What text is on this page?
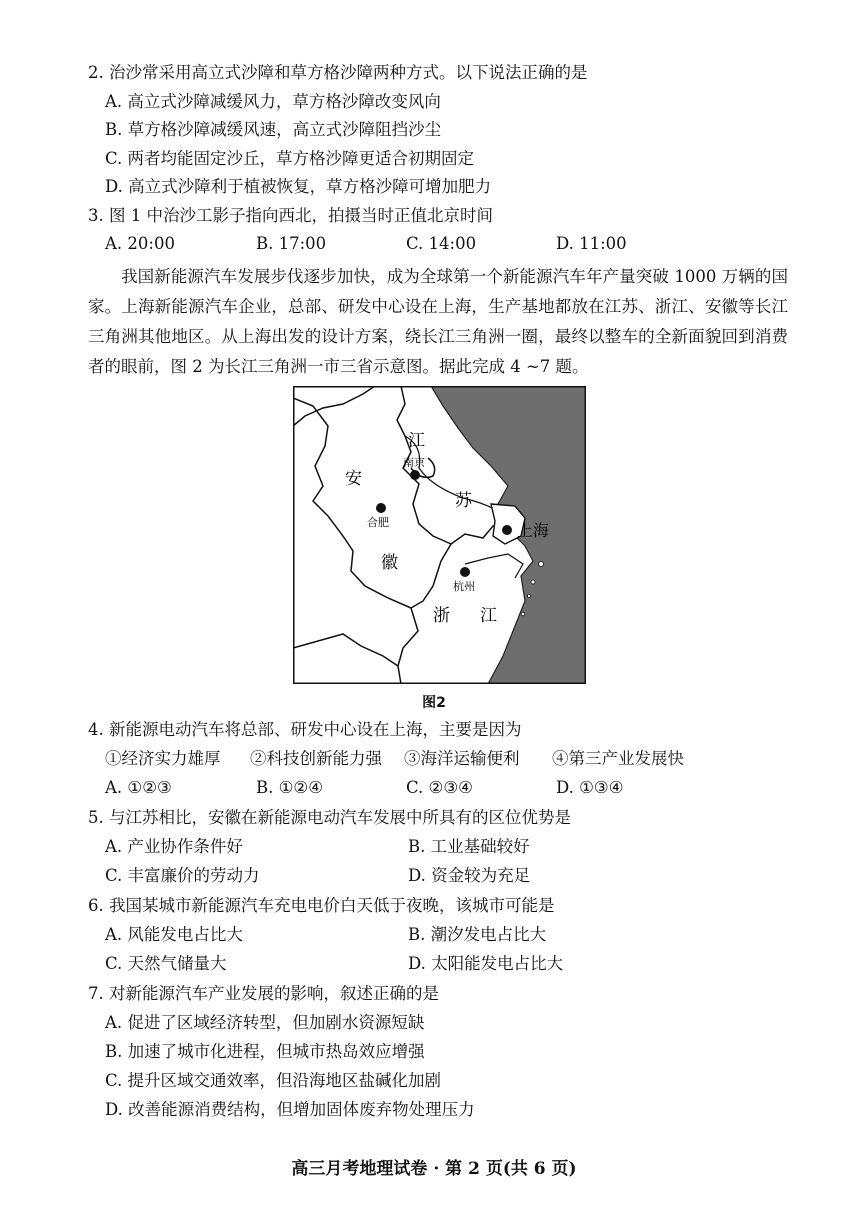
2. 治沙常采用高立式沙障和草方格沙障两种方式。以下说法正确的是
A. 高立式沙障减缓风力，草方格沙障改变风向
B. 草方格沙障减缓风速，高立式沙障阻挡沙尘
C. 两者均能固定沙丘，草方格沙障更适合初期固定
D. 高立式沙障利于植被恢复，草方格沙障可增加肥力
3. 图 1 中治沙工影子指向西北，拍摄当时正值北京时间
A. 20:00	B. 17:00	C. 14:00	D. 11:00
我国新能源汽车发展步伐逐步加快，成为全球第一个新能源汽车年产量突破 1000 万辆的国家。上海新能源汽车企业，总部、研发中心设在上海，生产基地都放在江苏、浙江、安徽等长江三角洲其他地区。从上海出发的设计方案，绕长江三角洲一圈，最终以整车的全新面貌回到消费者的眼前，图 2 为长江三角洲一市三省示意图。据此完成 4 ~7 题。
江
南京
安
苏
合肥	上海
徽
杭州
浙 江
图2
4. 新能源电动汽车将总部、研发中心设在上海，主要是因为
①经济实力雄厚 ②科技创新能力强 ③海洋运输便利 ④第三产业发展快
A. ①②③	B. ①②④	C. ②③④	D. ①③④
5. 与江苏相比，安徽在新能源电动汽车发展中所具有的区位优势是
A. 产业协作条件好	B. 工业基础较好
C. 丰富廉价的劳动力	D. 资金较为充足
6. 我国某城市新能源汽车充电电价白天低于夜晚，该城市可能是
A. 风能发电占比大	B. 潮汐发电占比大
C. 天然气储量大	D. 太阳能发电占比大
7. 对新能源汽车产业发展的影响，叙述正确的是
A. 促进了区域经济转型，但加剧水资源短缺
B. 加速了城市化进程，但城市热岛效应增强
C. 提升区域交通效率，但沿海地区盐碱化加剧
D. 改善能源消费结构，但增加固体废弃物处理压力
高三月考地理试卷 · 第 2 页(共 6 页)
